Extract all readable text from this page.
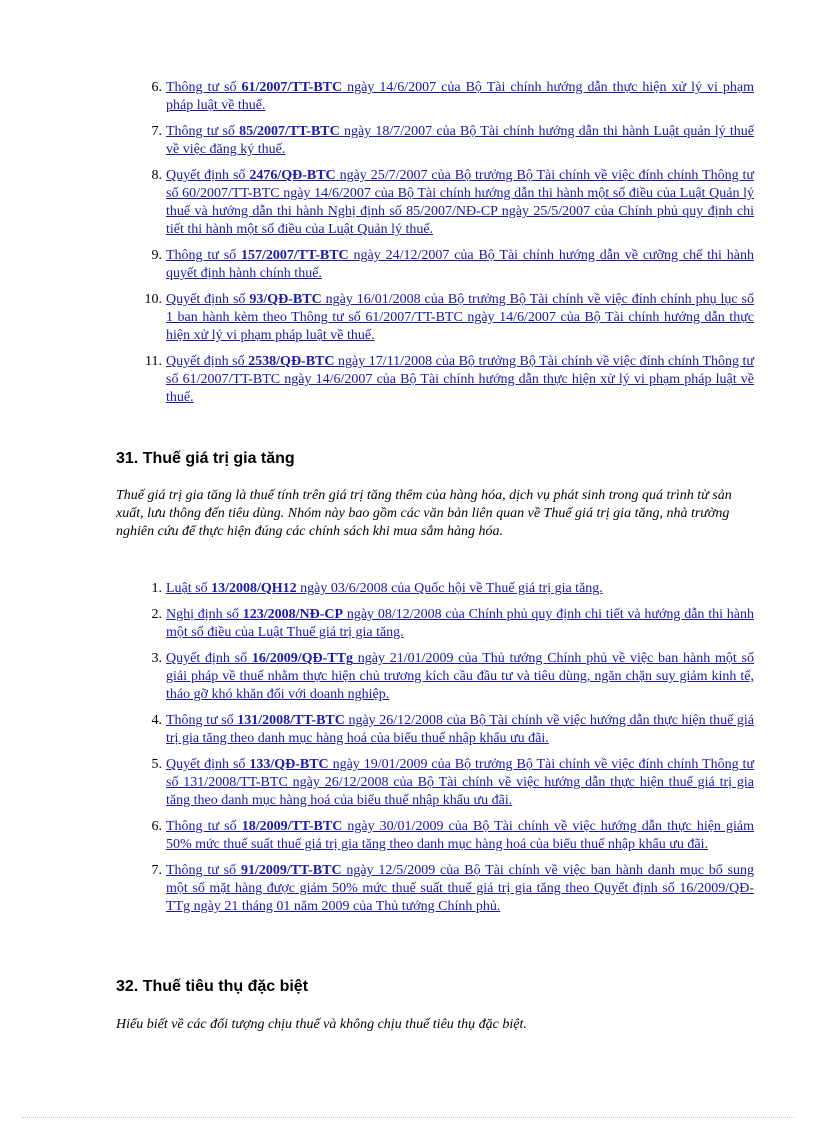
6. Thông tư số 61/2007/TT-BTC ngày 14/6/2007 của Bộ Tài chính hướng dẫn thực hiện xử lý vi phạm pháp luật về thuế.
7. Thông tư số 85/2007/TT-BTC ngày 18/7/2007 của Bộ Tài chính hướng dẫn thi hành Luật quản lý thuế về việc đăng ký thuế.
8. Quyết định số 2476/QĐ-BTC ngày 25/7/2007 của Bộ trưởng Bộ Tài chính về việc đính chính Thông tư số 60/2007/TT-BTC ngày 14/6/2007 của Bộ Tài chính hướng dẫn thi hành một số điều của Luật Quản lý thuế và hướng dẫn thi hành Nghị định số 85/2007/NĐ-CP ngày 25/5/2007 của Chính phủ quy định chi tiết thi hành một số điều của Luật Quản lý thuế.
9. Thông tư số 157/2007/TT-BTC ngày 24/12/2007 của Bộ Tài chính hướng dẫn về cưỡng chế thi hành quyết định hành chính thuế.
10. Quyết định số 93/QĐ-BTC ngày 16/01/2008 của Bộ trưởng Bộ Tài chính về việc đính chính phụ lục số 1 ban hành kèm theo Thông tư số 61/2007/TT-BTC ngày 14/6/2007 của Bộ Tài chính hướng dẫn thực hiện xử lý vi phạm pháp luật về thuế.
11. Quyết định số 2538/QĐ-BTC ngày 17/11/2008 của Bộ trưởng Bộ Tài chính về việc đính chính Thông tư số 61/2007/TT-BTC ngày 14/6/2007 của Bộ Tài chính hướng dẫn thực hiện xử lý vi phạm pháp luật về thuế.
31. Thuế giá trị gia tăng
Thuế giá trị gia tăng là thuế tính trên giá trị tăng thêm của hàng hóa, dịch vụ phát sinh trong quá trình từ sản xuất, lưu thông đến tiêu dùng. Nhóm này bao gồm các văn bản liên quan về Thuế giá trị gia tăng, nhà trường nghiên cứu để thực hiện đúng các chính sách khi mua sắm hàng hóa.
1. Luật số 13/2008/QH12 ngày 03/6/2008 của Quốc hội về Thuế giá trị gia tăng.
2. Nghị định số 123/2008/NĐ-CP ngày 08/12/2008 của Chính phủ quy định chi tiết và hướng dẫn thi hành một số điều của Luật Thuế giá trị gia tăng.
3. Quyết định số 16/2009/QĐ-TTg ngày 21/01/2009 của Thủ tướng Chính phủ về việc ban hành một số giải pháp về thuế nhằm thực hiện chủ trương kích cầu đầu tư và tiêu dùng, ngăn chặn suy giảm kinh tế, tháo gỡ khó khăn đối với doanh nghiệp.
4. Thông tư số 131/2008/TT-BTC ngày 26/12/2008 của Bộ Tài chính về việc hướng dẫn thực hiện thuế giá trị gia tăng theo danh mục hàng hoá của biểu thuế nhập khẩu ưu đãi.
5. Quyết định số 133/QĐ-BTC ngày 19/01/2009 của Bộ trưởng Bộ Tài chính về việc đính chính Thông tư số 131/2008/TT-BTC ngày 26/12/2008 của Bộ Tài chính về việc hướng dẫn thực hiện thuế giá trị gia tăng theo danh mục hàng hoá của biểu thuế nhập khẩu ưu đãi.
6. Thông tư số 18/2009/TT-BTC ngày 30/01/2009 của Bộ Tài chính về việc hướng dẫn thực hiện giảm 50% mức thuế suất thuế giá trị gia tăng theo danh mục hàng hoá của biểu thuế nhập khẩu ưu đãi.
7. Thông tư số 91/2009/TT-BTC ngày 12/5/2009 của Bộ Tài chính về việc ban hành danh mục bổ sung một số mặt hàng được giảm 50% mức thuế suất thuế giá trị gia tăng theo Quyết định số 16/2009/QĐ-TTg ngày 21 tháng 01 năm 2009 của Thủ tướng Chính phủ.
32. Thuế tiêu thụ đặc biệt
Hiểu biết về các đối tượng chịu thuế và không chịu thuế tiêu thụ đặc biệt.
